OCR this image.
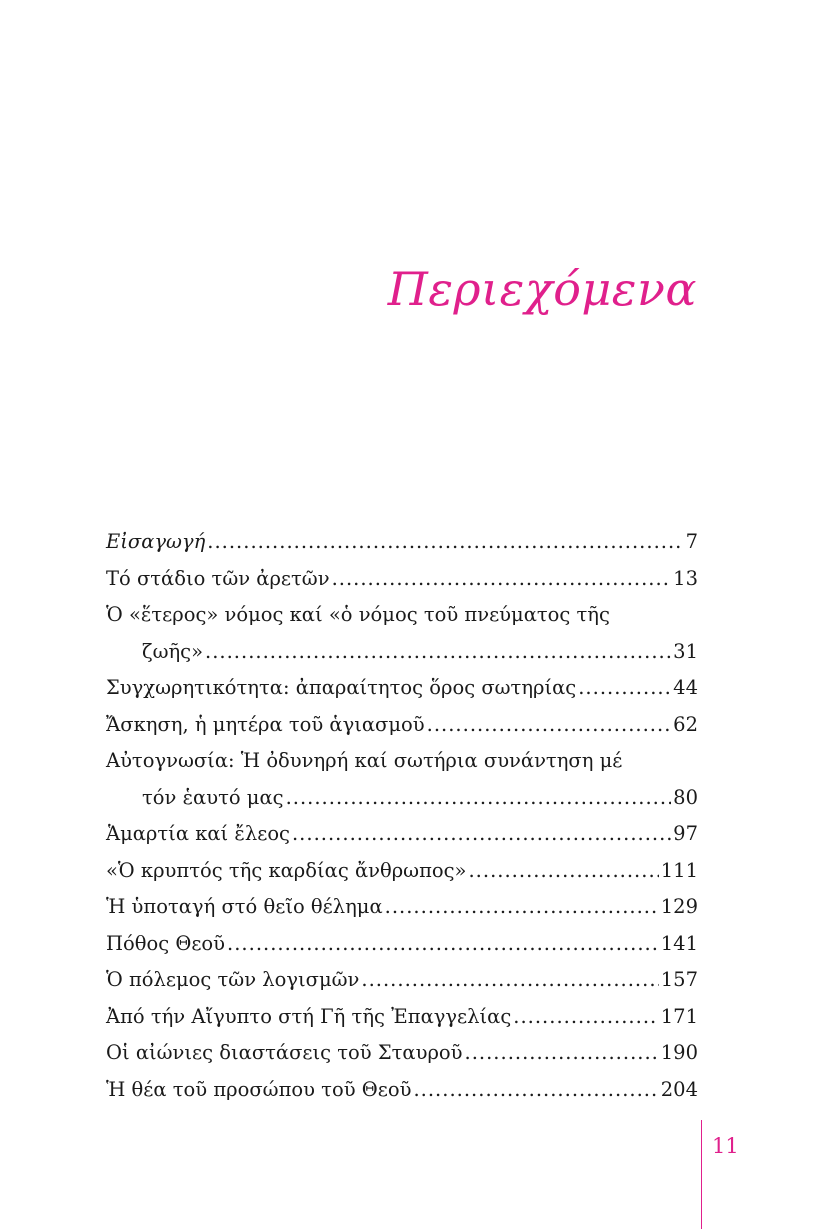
Περιεχόμενα
Εἰσαγωγή .....	7
Τό στάδιο τῶν ἀρετῶν .....	13
Ὁ «ἕτερος» νόμος καί «ὁ νόμος τοῦ πνεύματος τῆς
ζωῆς» .....	31
Συγχωρητικότητα: ἀπαραίτητος ὅρος σωτηρίας .....	44
Ἄσκηση, ἡ μητέρα τοῦ ἁγιασμοῦ .....	62
Αὐτογνωσία: Ἡ ὀδυνηρή καί σωτήρια συνάντηση μέ
τόν ἑαυτό μας .....	80
Ἁμαρτία καί ἔλεος .....	97
«Ὁ κρυπτός τῆς καρδίας ἄνθρωπος» .....	111
Ἡ ὑποταγή στό θεῖο θέλημα .....	129
Πόθος Θεοῦ .....	141
Ὁ πόλεμος τῶν λογισμῶν .....	157
Ἀπό τήν Αἴγυπτο στή Γῆ τῆς Ἐπαγγελίας .....	171
Οἱ αἰώνιες διαστάσεις τοῦ Σταυροῦ .....	190
Ἡ θέα τοῦ προσώπου τοῦ Θεοῦ .....	204
11
